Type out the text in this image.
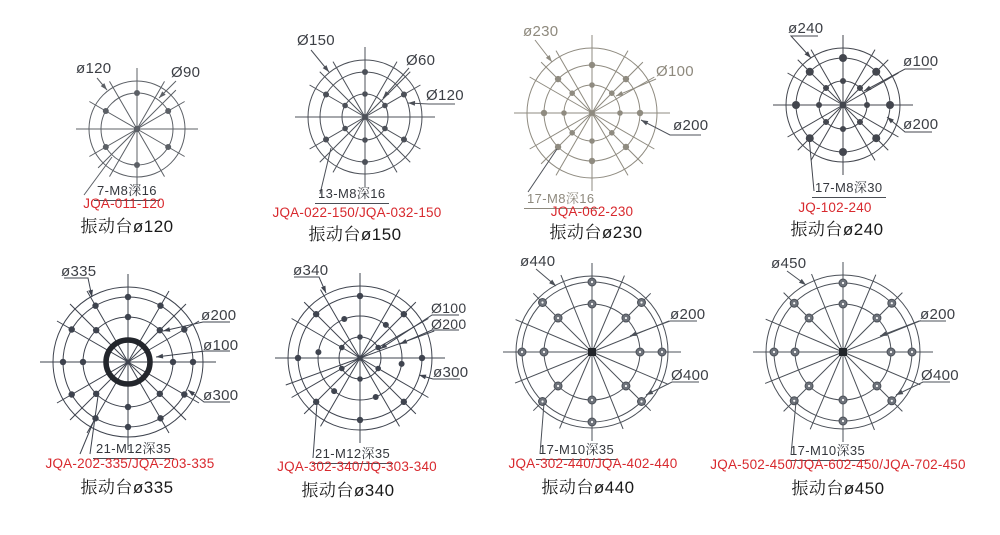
ø120	Ø90
7-M8深16
JQA-011-120
振动台ø120
Ø150
Ø60
Ø120
13-M8深16
JQA-022-150/JQA-032-150
振动台ø150
ø230
Ø100
ø200
17-M8深16
JQA-062-230
振动台ø230
ø240
ø100
ø200
17-M8深30
JQ-102-240
振动台ø240
ø335
ø200
ø100
ø300
21-M12深35
JQA-202-335/JQA-203-335
振动台ø335
ø340
Ø100
Ø200
ø300
21-M12深35
JQA-302-340/JQ-303-340
振动台ø340
ø440
ø200
Ø400
17-M10深35
JQA-302-440/JQA-402-440
振动台ø440
ø450
ø200
Ø400
17-M10深35
JQA-502-450/JQA-602-450/JQA-702-450
振动台ø450
